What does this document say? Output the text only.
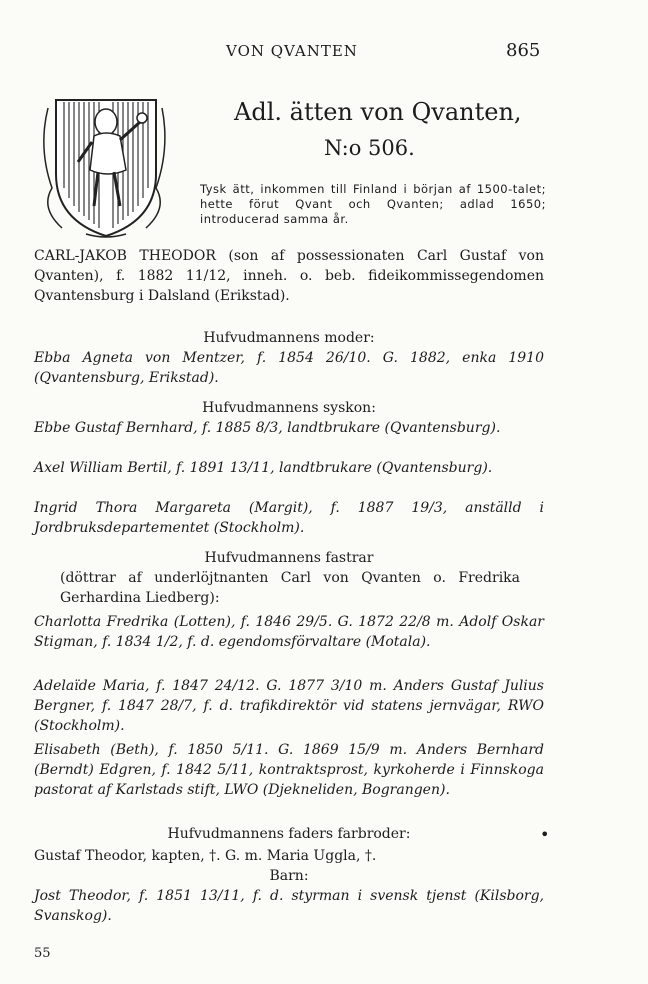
VON QVANTEN	865
Adl. ätten von Qvanten,
N:o 506.
Tysk ätt, inkommen till Finland i början af 1500-talet; hette förut Qvant och Qvanten; adlad 1650; introducerad samma år.
CARL-JAKOB THEODOR (son af possessionaten Carl Gustaf von Qvanten), f. 1882 11/12, inneh. o. beb. fideikommissegendomen Qvantensburg i Dalsland (Erikstad).
Hufvudmannens moder:
Ebba Agneta von Mentzer, f. 1854 26/10. G. 1882, enka 1910 (Qvantensburg, Erikstad).
Hufvudmannens syskon:
Ebbe Gustaf Bernhard, f. 1885 8/3, landtbrukare (Qvantensburg).
Axel William Bertil, f. 1891 13/11, landtbrukare (Qvantensburg).
Ingrid Thora Margareta (Margit), f. 1887 19/3, anställd i Jordbruksdepartementet (Stockholm).
Hufvudmannens fastrar
(döttrar af underlöjtnanten Carl von Qvanten o. Fredrika Gerhardina Liedberg):
Charlotta Fredrika (Lotten), f. 1846 29/5. G. 1872 22/8 m. Adolf Oskar Stigman, f. 1834 1/2, f. d. egendomsförvaltare (Motala).
Adelaïde Maria, f. 1847 24/12. G. 1877 3/10 m. Anders Gustaf Julius Bergner, f. 1847 28/7, f. d. trafikdirektör vid statens jernvägar, RWO (Stockholm).
Elisabeth (Beth), f. 1850 5/11. G. 1869 15/9 m. Anders Bernhard (Berndt) Edgren, f. 1842 5/11, kontraktsprost, kyrkoherde i Finnskoga pastorat af Karlstads stift, LWO (Djekneliden, Bograngen).
Hufvudmannens faders farbroder:	•
Gustaf Theodor, kapten, †. G. m. Maria Uggla, †.
Barn:
Jost Theodor, f. 1851 13/11, f. d. styrman i svensk tjenst (Kilsborg, Svanskog).
55
